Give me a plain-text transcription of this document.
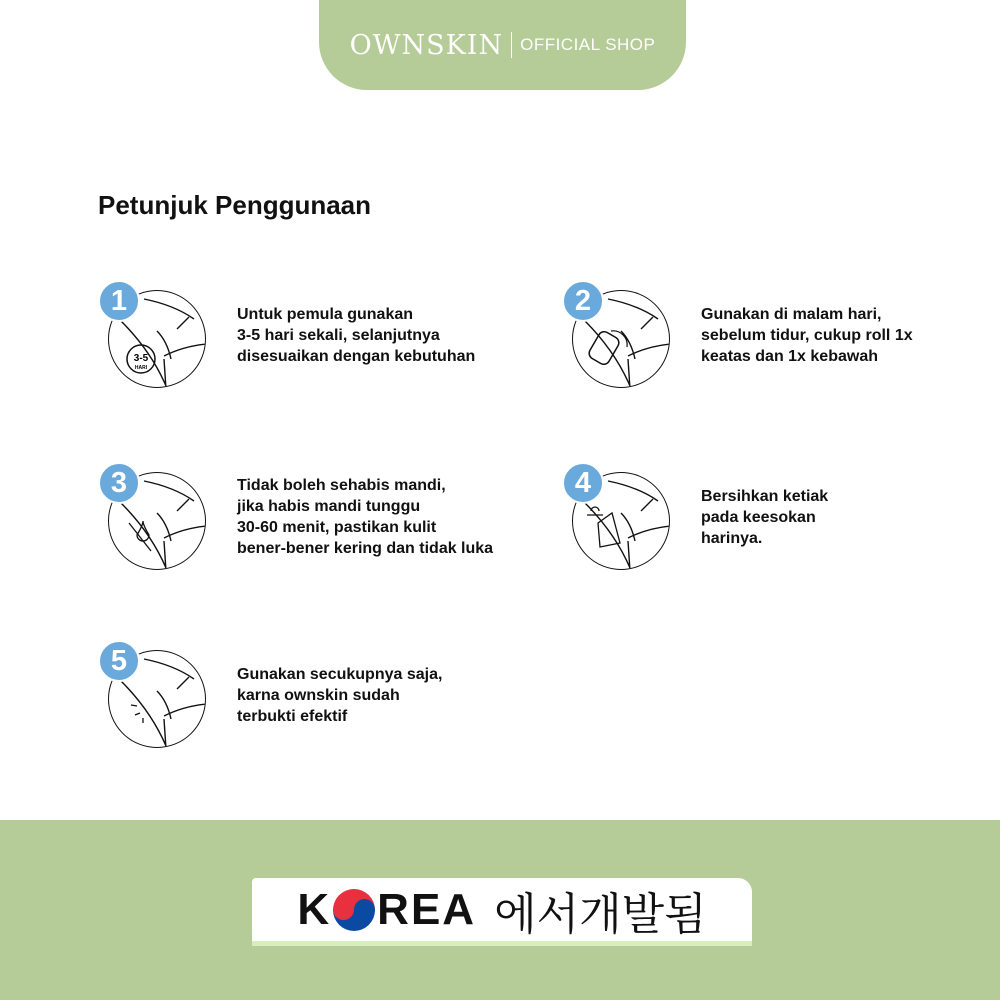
OWNSKIN OFFICIAL SHOP
Petunjuk Penggunaan
3-5
HARI
1	Untuk pemula gunakan
3-5 hari sekali, selanjutnya
disesuaikan dengan kebutuhan
2	Gunakan di malam hari,
sebelum tidur, cukup roll 1x
keatas dan 1x kebawah
3	Tidak boleh sehabis mandi,
jika habis mandi tunggu
30-60 menit, pastikan kulit
bener-bener kering dan tidak luka
4	Bersihkan ketiak
pada keesokan
harinya.
5	Gunakan secukupnya saja,
karna ownskin sudah
terbukti efektif
K REA 에서개발됨
